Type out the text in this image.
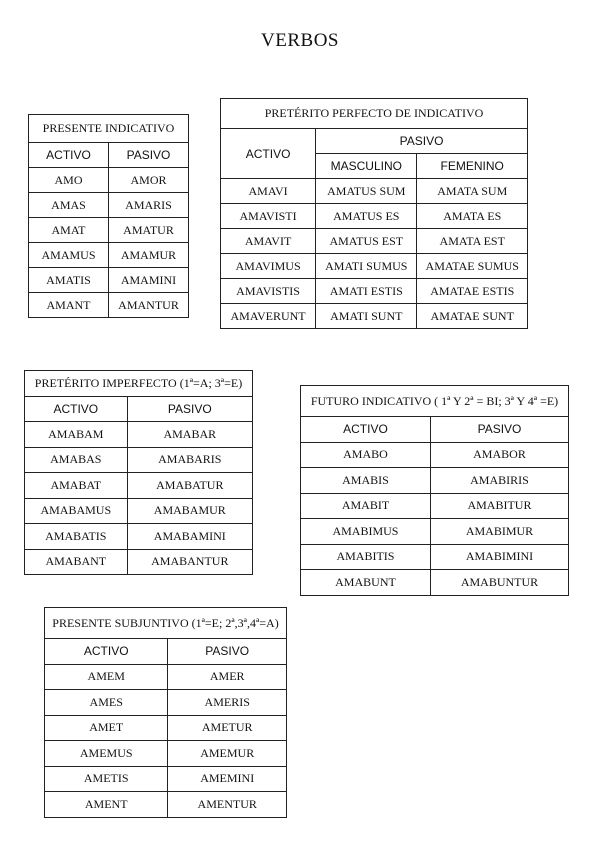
VERBOS
PRESENTE INDICATIVO	
ACTIVO	PASIVO
AMO	AMOR
AMAS	AMARIS
AMAT	AMATUR
AMAMUS	AMAMUR
AMATIS	AMAMINI
AMANT	AMANTUR
PRETÉRITO PERFECTO DE INDICATIVO		
ACTIVO	PASIVO	
	MASCULINO	FEMENINO
AMAVI	AMATUS SUM	AMATA SUM
AMAVISTI	AMATUS ES	AMATA ES
AMAVIT	AMATUS EST	AMATA EST
AMAVIMUS	AMATI SUMUS	AMATAE SUMUS
AMAVISTIS	AMATI ESTIS	AMATAE ESTIS
AMAVERUNT	AMATI SUNT	AMATAE SUNT
PRETÉRITO IMPERFECTO (1ª=A; 3ª=E)	
ACTIVO	PASIVO
AMABAM	AMABAR
AMABAS	AMABARIS
AMABAT	AMABATUR
AMABAMUS	AMABAMUR
AMABATIS	AMABAMINI
AMABANT	AMABANTUR
FUTURO INDICATIVO ( 1ª Y 2ª = BI; 3ª Y 4ª =E)	
ACTIVO	PASIVO
AMABO	AMABOR
AMABIS	AMABIRIS
AMABIT	AMABITUR
AMABIMUS	AMABIMUR
AMABITIS	AMABIMINI
AMABUNT	AMABUNTUR
PRESENTE SUBJUNTIVO (1ª=E; 2ª,3ª,4ª=A)	
ACTIVO	PASIVO
AMEM	AMER
AMES	AMERIS
AMET	AMETUR
AMEMUS	AMEMUR
AMETIS	AMEMINI
AMENT	AMENTUR
